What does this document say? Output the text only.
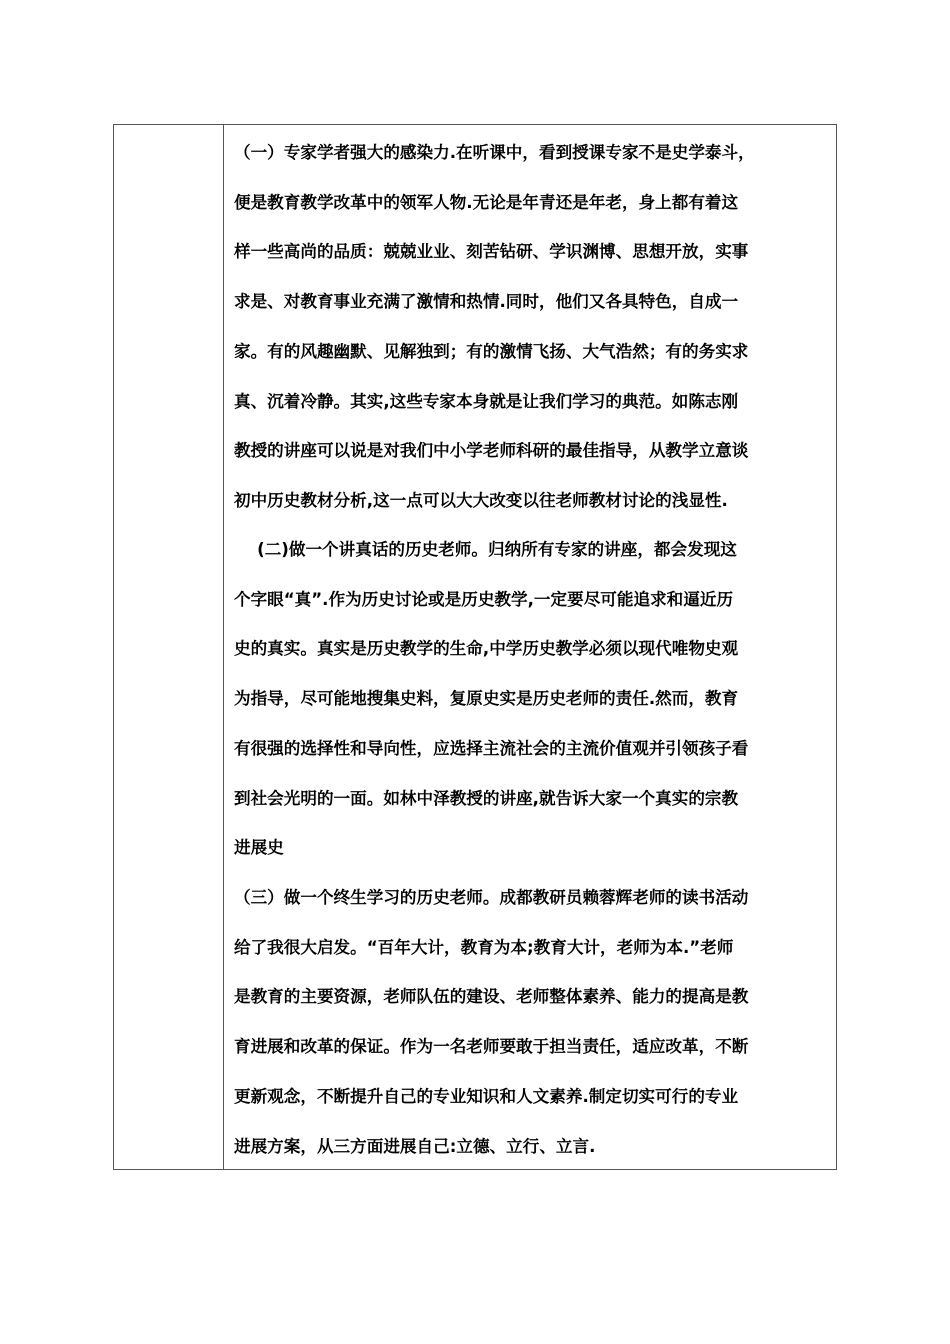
（一）专家学者强大的感染力.在听课中，看到授课专家不是史学泰斗，
便是教育教学改革中的领军人物.无论是年青还是年老，身上都有着这
样一些高尚的品质：兢兢业业、刻苦钻研、学识渊博、思想开放，实事
求是、对教育事业充满了激情和热情.同时，他们又各具特色，自成一
家。有的风趣幽默、见解独到；有的激情飞扬、大气浩然；有的务实求
真、沉着冷静。其实,这些专家本身就是让我们学习的典范。如陈志刚
教授的讲座可以说是对我们中小学老师科研的最佳指导，从教学立意谈
初中历史教材分析,这一点可以大大改变以往老师教材讨论的浅显性.

(二)做一个讲真话的历史老师。归纳所有专家的讲座，都会发现这
个字眼“真”.作为历史讨论或是历史教学,一定要尽可能追求和逼近历
史的真实。真实是历史教学的生命,中学历史教学必须以现代唯物史观
为指导，尽可能地搜集史料，复原史实是历史老师的责任.然而，教育
有很强的选择性和导向性，应选择主流社会的主流价值观并引领孩子看
到社会光明的一面。如林中泽教授的讲座,就告诉大家一个真实的宗教
进展史

（三）做一个终生学习的历史老师。成都教研员赖蓉辉老师的读书活动
给了我很大启发。“百年大计，教育为本;教育大计，老师为本.”老师
是教育的主要资源，老师队伍的建设、老师整体素养、能力的提高是教
育进展和改革的保证。作为一名老师要敢于担当责任，适应改革，不断
更新观念，不断提升自己的专业知识和人文素养.制定切实可行的专业
进展方案，从三方面进展自己:立德、立行、立言.
